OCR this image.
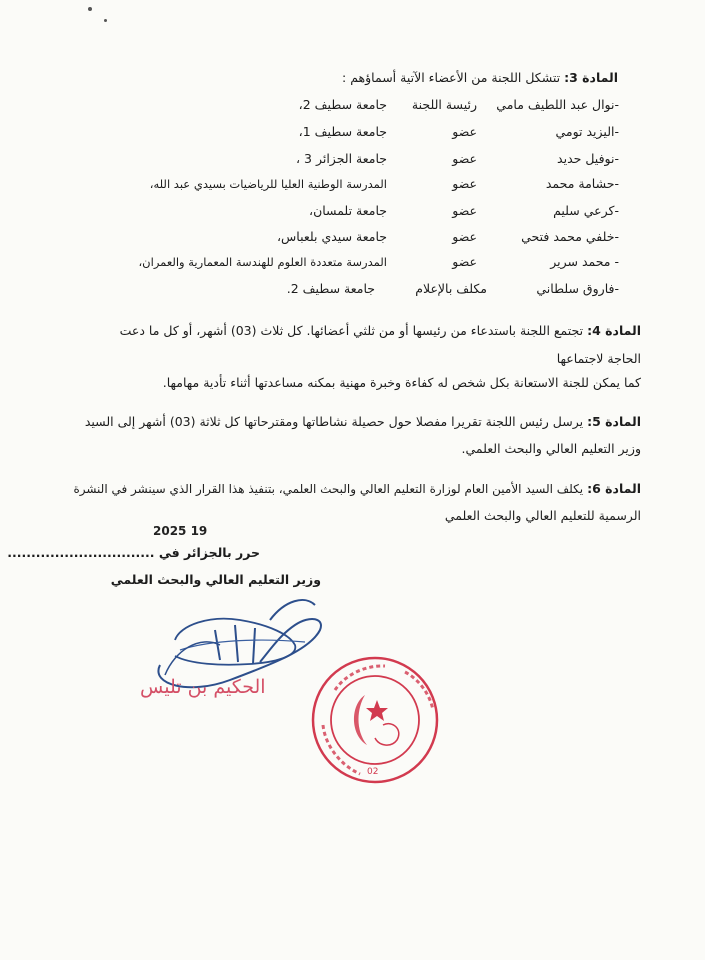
المادة 3: تتشكل اللجنة من الأعضاء الآتية أسماؤهم :
-نوال عبد اللطيف مامي
رئيسة اللجنة
جامعة سطيف 2،
-اليزيد تومي
عضو
جامعة سطيف 1،
-نوفيل حديد
عضو
جامعة الجزائر 3 ،
-حشامة محمد
عضو
المدرسة الوطنية العليا للرياضيات بسيدي عبد الله،
-كرعي سليم
عضو
جامعة تلمسان،
-خلفي محمد فتحي
عضو
جامعة سيدي بلعباس،
- محمد سرير
عضو
المدرسة متعددة العلوم للهندسة المعمارية والعمران،
-فاروق سلطاني
مكلف بالإعلام
جامعة سطيف 2.
المادة 4: تجتمع اللجنة باستدعاء من رئيسها أو من ثلثي أعضائها. كل ثلاث (03) أشهر، أو كل ما دعت
الحاجة لاجتماعها
كما يمكن للجنة الاستعانة بكل شخص له كفاءة وخبرة مهنية بمكنه مساعدتها أثناء تأدية مهامها.
المادة 5: يرسل رئيس اللجنة تقريرا مفصلا حول حصيلة نشاطاتها ومقترحاتها كل ثلاثة (03) أشهر إلى السيد
وزير التعليم العالي والبحث العلمي.
المادة 6: يكلف السيد الأمين العام لوزارة التعليم العالي والبحث العلمي، بتنفيذ هذا القرار الذي سينشر في النشرة
الرسمية للتعليم العالي والبحث العلمي
2025 19
حرر بالجزائر في ...............................
وزير التعليم العالي والبحث العلمي
الحكيم بن تليس
02
